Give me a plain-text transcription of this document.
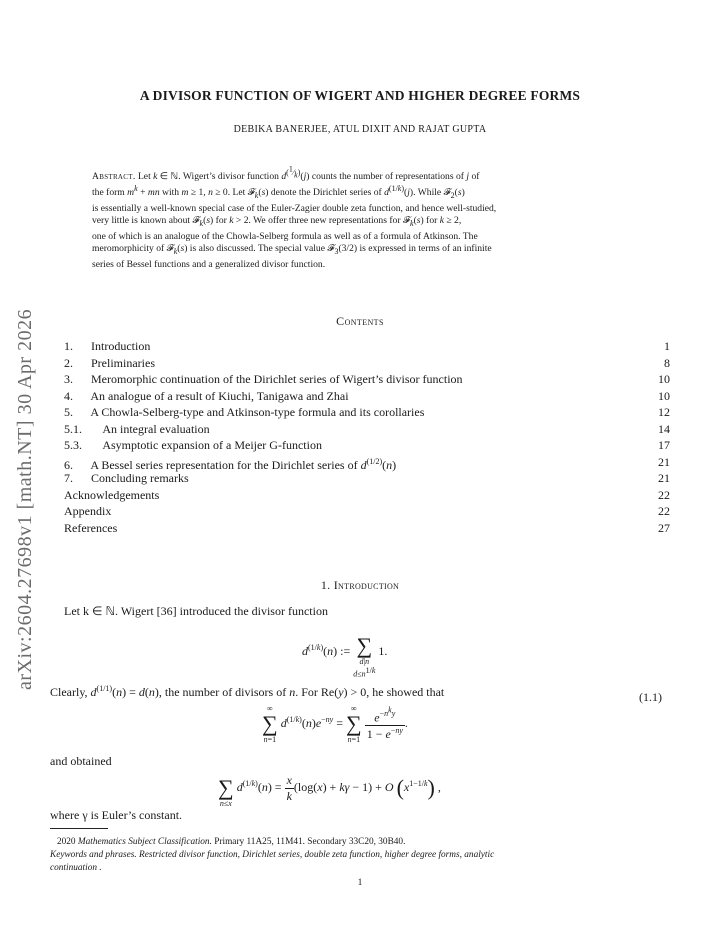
arXiv:2604.27698v1 [math.NT] 30 Apr 2026
A DIVISOR FUNCTION OF WIGERT AND HIGHER DEGREE FORMS
DEBIKA BANERJEE, ATUL DIXIT AND RAJAT GUPTA
Abstract. Let k ∈ ℕ. Wigert’s divisor function $d^{(^1⁄_k)}(j)$ counts the number of representations of j of
the form $m^k$ + mn with m ≥ 1, n ≥ 0. Let 𝓕$_k$(s) denote the Dirichlet series of $d^{(1/k)}(j)$. While 𝓕$_2$(s)
is essentially a well-known special case of the Euler-Zagier double zeta function, and hence well-studied,
very little is known about 𝓕$_k$(s) for k > 2. We offer three new representations for 𝓕$_k$(s) for k ≥ 2,
one of which is an analogue of the Chowla-Selberg formula as well as of a formula of Atkinson. The
meromorphicity of 𝓕$_k$(s) is also discussed. The special value 𝓕$_3$(3/2) is expressed in terms of an infinite
series of Bessel functions and a generalized divisor function.
Contents
1. Introduction	1
2. Preliminaries	8
3. Meromorphic continuation of the Dirichlet series of Wigert’s divisor function	10
4. An analogue of a result of Kiuchi, Tanigawa and Zhai	10
5. A Chowla-Selberg-type and Atkinson-type formula and its corollaries	12
5.1. An integral evaluation	14
5.3. Asymptotic expansion of a Meijer G-function	17
6. A Bessel series representation for the Dirichlet series of $d^{(1/2)}(n)$	21
7. Concluding remarks	21
Acknowledgements	22
Appendix	22
References	27
1. Introduction
Let k ∈ ℕ. Wigert [36] introduced the divisor function
$d^{(1/k)}(n)$ :=
∑
d|n
$d\le n^{1/k}$
1.
Clearly, $d^{(1/1)}(n) = d(n)$, the number of divisors of n. For Re(y) > 0, he showed that
∞
∑
n=1
$d^{(1/k)}(n)e^{-ny}$ =
∞
∑
n=1
$\frac{e^{-n^ky}}{1 - e^{-ny}}$ .
(1.1)
and obtained

∑
n≤x
$d^{(1/k)}(n) = \frac{x}{k} (\log(x) + k\gamma - 1) + O$ $(x^{1-1/k})$ ,
where γ is Euler’s constant.
2020 Mathematics Subject Classification. Primary 11A25, 11M41. Secondary 33C20, 30B40.
Keywords and phrases. Restricted divisor function, Dirichlet series, double zeta function, higher degree forms, analytic
continuation .
1
